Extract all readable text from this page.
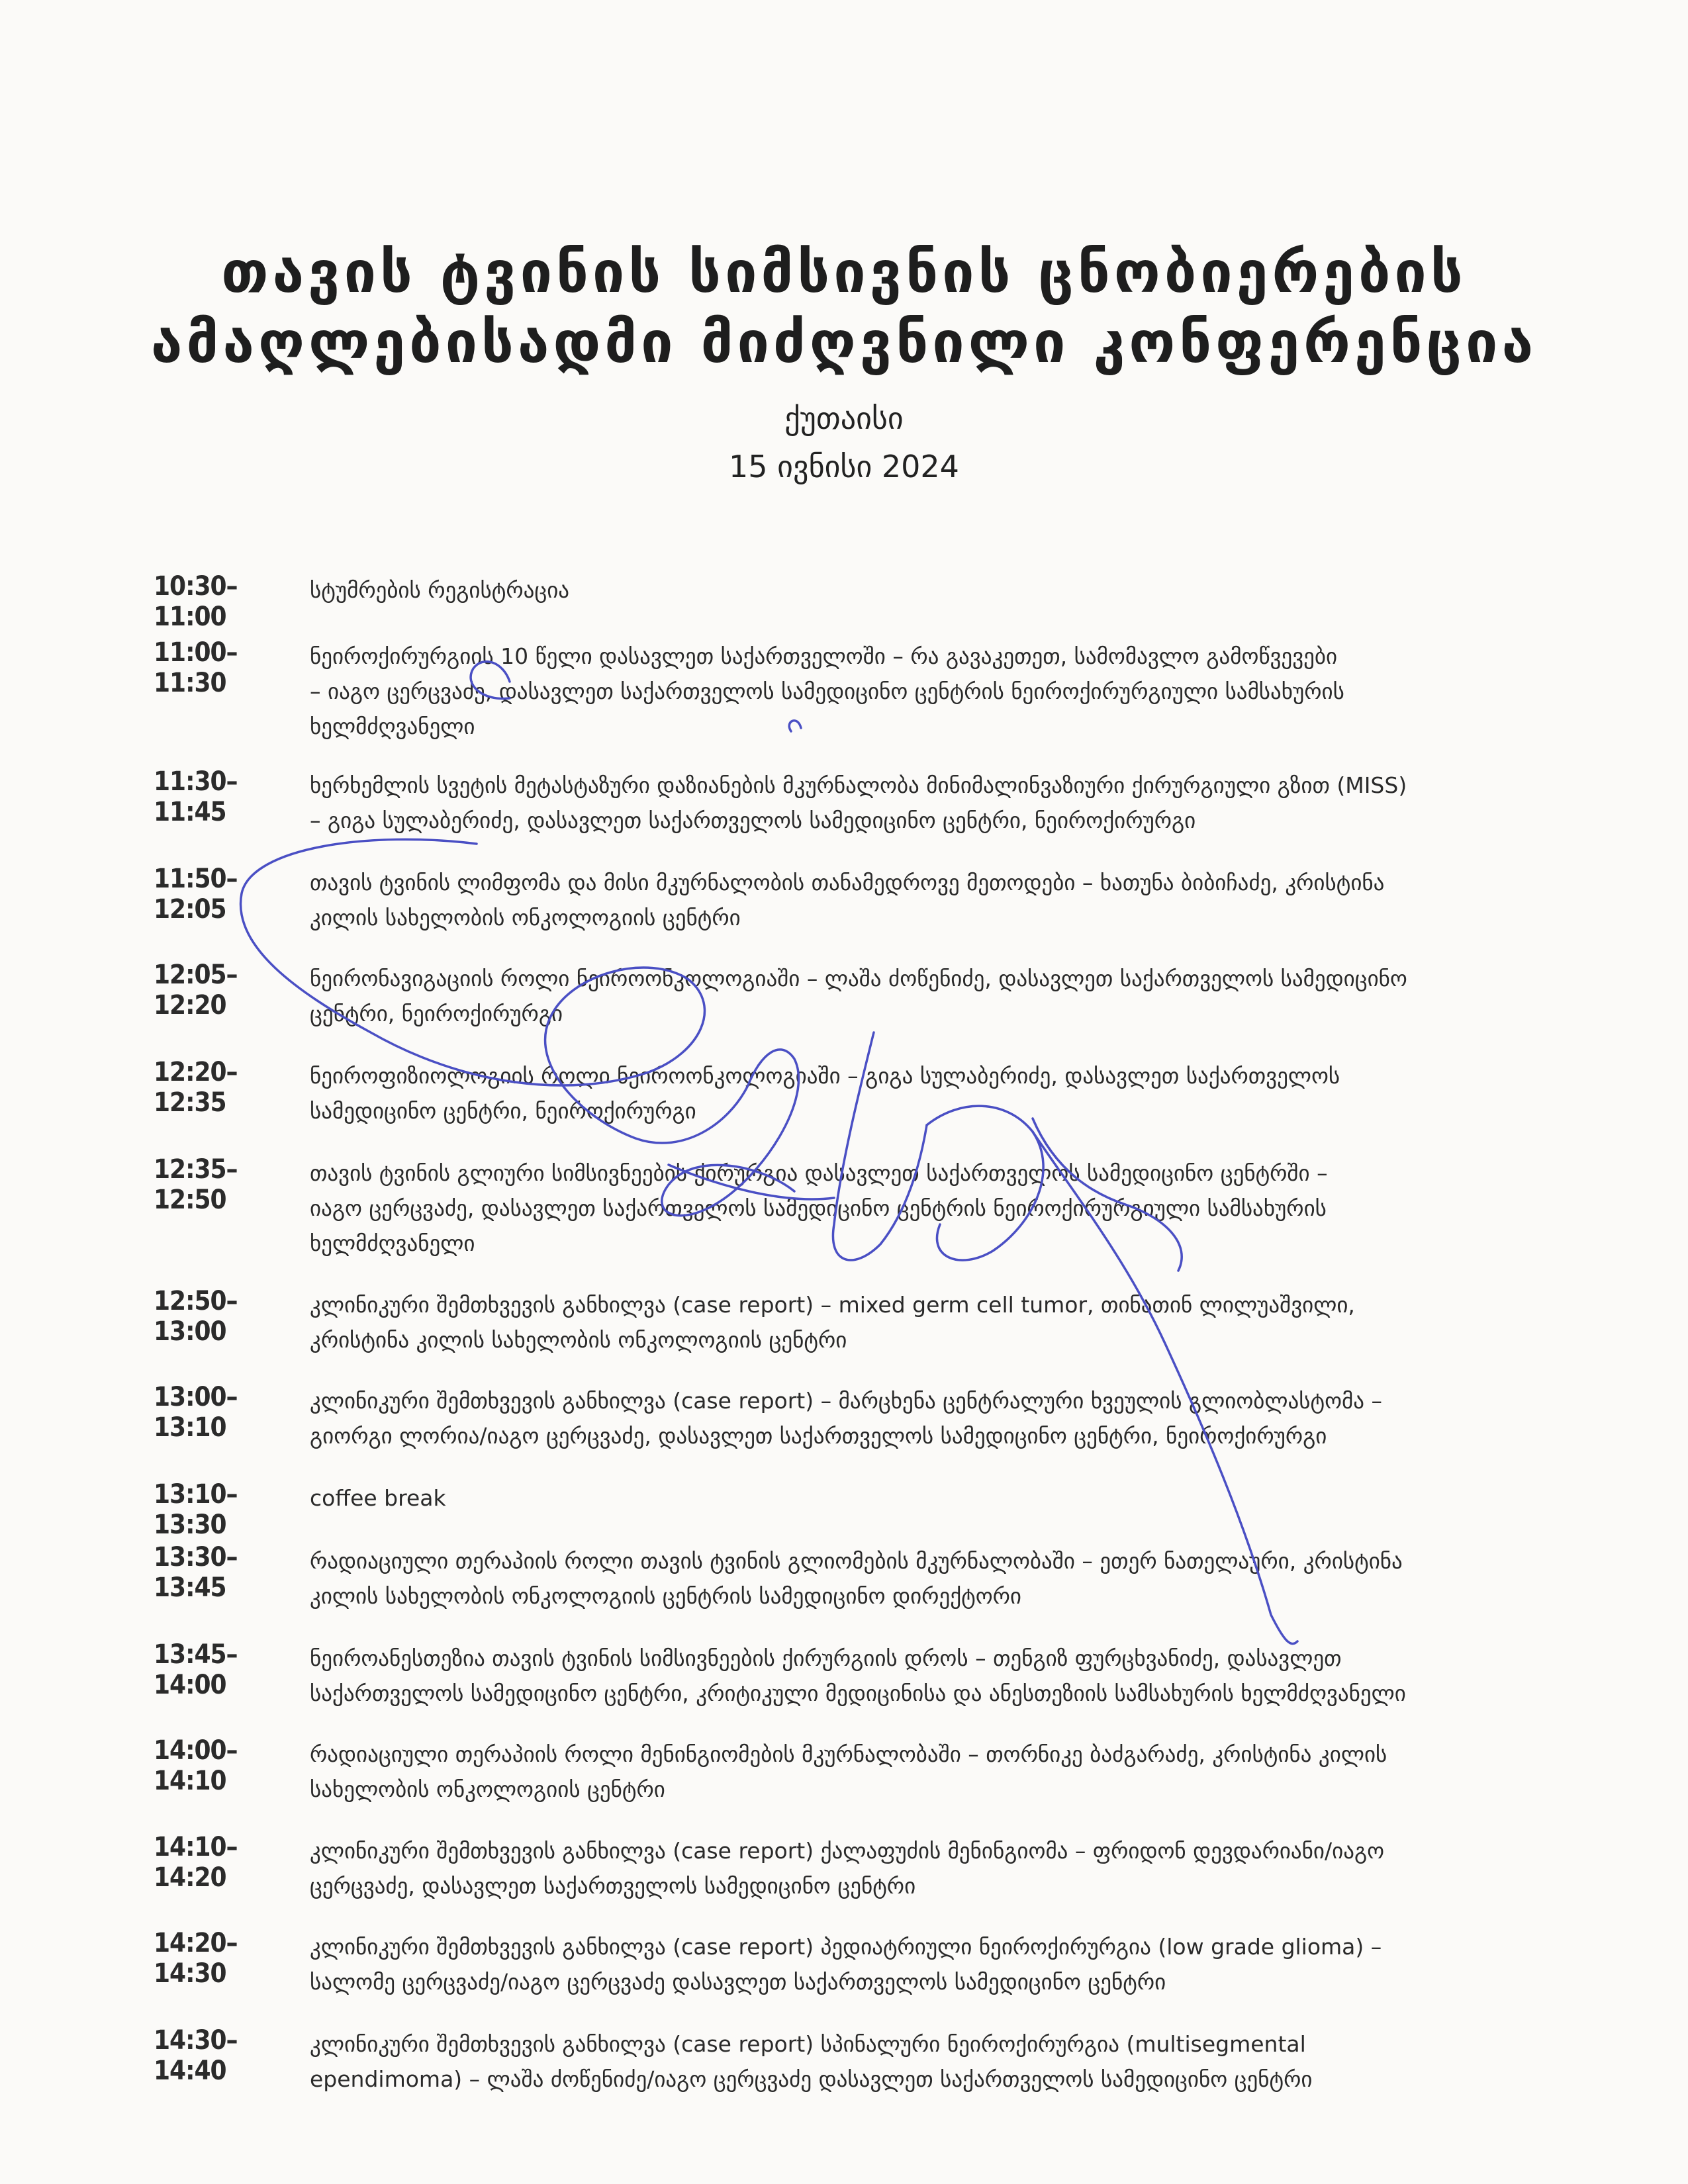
თავის ტვინის სიმსივნის ცნობიერების
ამაღლებისადმი მიძღვნილი კონფერენცია
ქუთაისი
15 ივნისი 2024
10:30–11:00
სტუმრების რეგისტრაცია
11:00–11:30
ნეიროქირურგიის 10 წელი დასავლეთ საქართველოში – რა გავაკეთეთ, სამომავლო გამოწვევები
– იაგო ცერცვაძე, დასავლეთ საქართველოს სამედიცინო ცენტრის ნეიროქირურგიული სამსახურის
ხელმძღვანელი
11:30–11:45
ხერხემლის სვეტის მეტასტაზური დაზიანების მკურნალობა მინიმალინვაზიური ქირურგიული გზით (MISS)
– გიგა სულაბერიძე, დასავლეთ საქართველოს სამედიცინო ცენტრი, ნეიროქირურგი
11:50–12:05
თავის ტვინის ლიმფომა და მისი მკურნალობის თანამედროვე მეთოდები – ხათუნა ბიბიჩაძე, კრისტინა
კილის სახელობის ონკოლოგიის ცენტრი
12:05–12:20
ნეირონავიგაციის როლი ნეიროონკოლოგიაში – ლაშა ძოწენიძე, დასავლეთ საქართველოს სამედიცინო
ცენტრი, ნეიროქირურგი
12:20–12:35
ნეიროფიზიოლოგიის როლი ნეიროონკოლოგიაში – გიგა სულაბერიძე, დასავლეთ საქართველოს
სამედიცინო ცენტრი, ნეიროქირურგი
12:35–12:50
თავის ტვინის გლიური სიმსივნეების ქირურგია დასავლეთ საქართველოს სამედიცინო ცენტრში –
იაგო ცერცვაძე, დასავლეთ საქართველოს სამედიცინო ცენტრის ნეიროქირურგიული სამსახურის
ხელმძღვანელი
12:50–13:00
კლინიკური შემთხვევის განხილვა (case report) – mixed germ cell tumor, თინათინ ლილუაშვილი,
კრისტინა კილის სახელობის ონკოლოგიის ცენტრი
13:00–13:10
კლინიკური შემთხვევის განხილვა (case report) – მარცხენა ცენტრალური ხვეულის გლიობლასტომა –
გიორგი ლორია/იაგო ცერცვაძე, დასავლეთ საქართველოს სამედიცინო ცენტრი, ნეიროქირურგი
13:10–13:30
coffee break
13:30–13:45
რადიაციული თერაპიის როლი თავის ტვინის გლიომების მკურნალობაში – ეთერ ნათელაური, კრისტინა
კილის სახელობის ონკოლოგიის ცენტრის სამედიცინო დირექტორი
13:45–14:00
ნეიროანესთეზია თავის ტვინის სიმსივნეების ქირურგიის დროს – თენგიზ ფურცხვანიძე, დასავლეთ
საქართველოს სამედიცინო ცენტრი, კრიტიკული მედიცინისა და ანესთეზიის სამსახურის ხელმძღვანელი
14:00–14:10
რადიაციული თერაპიის როლი მენინგიომების მკურნალობაში – თორნიკე ბაძგარაძე, კრისტინა კილის
სახელობის ონკოლოგიის ცენტრი
14:10–14:20
კლინიკური შემთხვევის განხილვა (case report) ქალაფუძის მენინგიომა – ფრიდონ დევდარიანი/იაგო
ცერცვაძე, დასავლეთ საქართველოს სამედიცინო ცენტრი
14:20–14:30
კლინიკური შემთხვევის განხილვა (case report) პედიატრიული ნეიროქირურგია (low grade glioma) –
სალომე ცერცვაძე/იაგო ცერცვაძე დასავლეთ საქართველოს სამედიცინო ცენტრი
14:30–14:40
კლინიკური შემთხვევის განხილვა (case report) სპინალური ნეიროქირურგია (multisegmental
ependimoma) – ლაშა ძოწენიძე/იაგო ცერცვაძე დასავლეთ საქართველოს სამედიცინო ცენტრი
